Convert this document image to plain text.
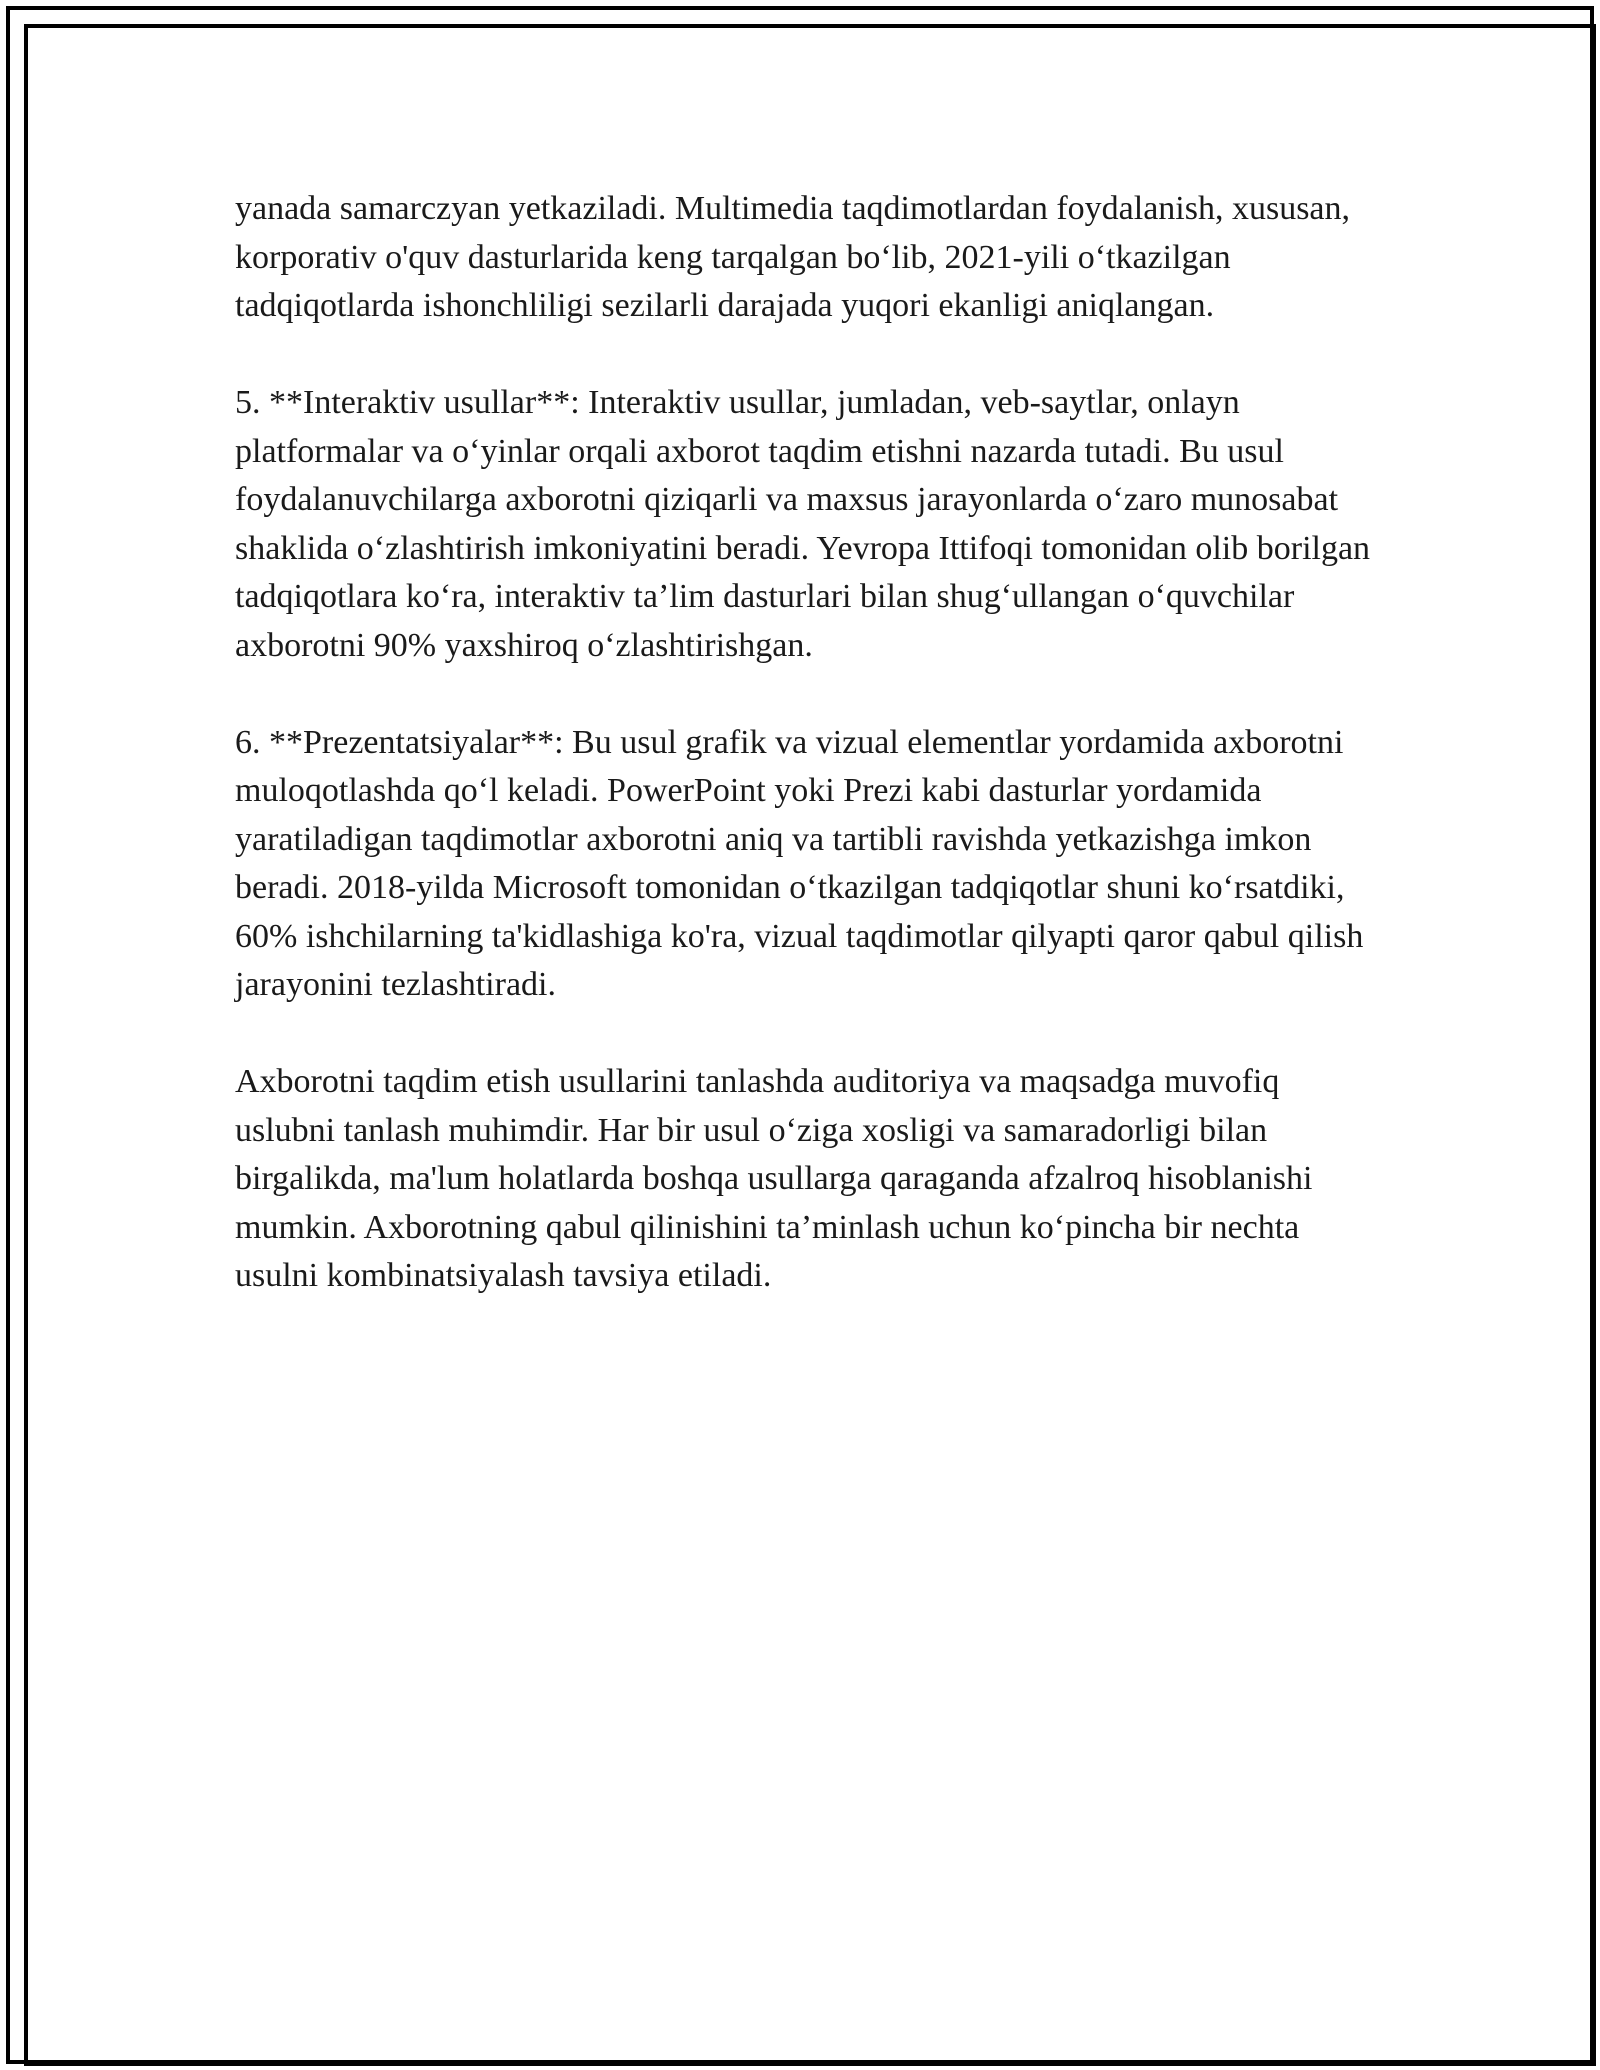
yanada samarczyan yetkaziladi. Multimedia taqdimotlardan foydalanish, xususan, korporativ o'quv dasturlarida keng tarqalgan bo‘lib, 2021-yili o‘tkazilgan tadqiqotlarda ishonchliligi sezilarli darajada yuqori ekanligi aniqlangan.

5. **Interaktiv usullar**: Interaktiv usullar, jumladan, veb-saytlar, onlayn platformalar va o‘yinlar orqali axborot taqdim etishni nazarda tutadi. Bu usul foydalanuvchilarga axborotni qiziqarli va maxsus jarayonlarda o‘zaro munosabat shaklida o‘zlashtirish imkoniyatini beradi. Yevropa Ittifoqi tomonidan olib borilgan tadqiqotlara ko‘ra, interaktiv ta’lim dasturlari bilan shug‘ullangan o‘quvchilar axborotni 90% yaxshiroq o‘zlashtirishgan.

6. **Prezentatsiyalar**: Bu usul grafik va vizual elementlar yordamida axborotni muloqotlashda qo‘l keladi. PowerPoint yoki Prezi kabi dasturlar yordamida yaratiladigan taqdimotlar axborotni aniq va tartibli ravishda yetkazishga imkon beradi. 2018-yilda Microsoft tomonidan o‘tkazilgan tadqiqotlar shuni ko‘rsatdiki, 60% ishchilarning ta'kidlashiga ko'ra, vizual taqdimotlar qilyapti qaror qabul qilish jarayonini tezlashtiradi.

Axborotni taqdim etish usullarini tanlashda auditoriya va maqsadga muvofiq uslubni tanlash muhimdir. Har bir usul o‘ziga xosligi va samaradorligi bilan birgalikda, ma'lum holatlarda boshqa usullarga qaraganda afzalroq hisoblanishi mumkin. Axborotning qabul qilinishini ta’minlash uchun ko‘pincha bir nechta usulni kombinatsiyalash tavsiya etiladi.
